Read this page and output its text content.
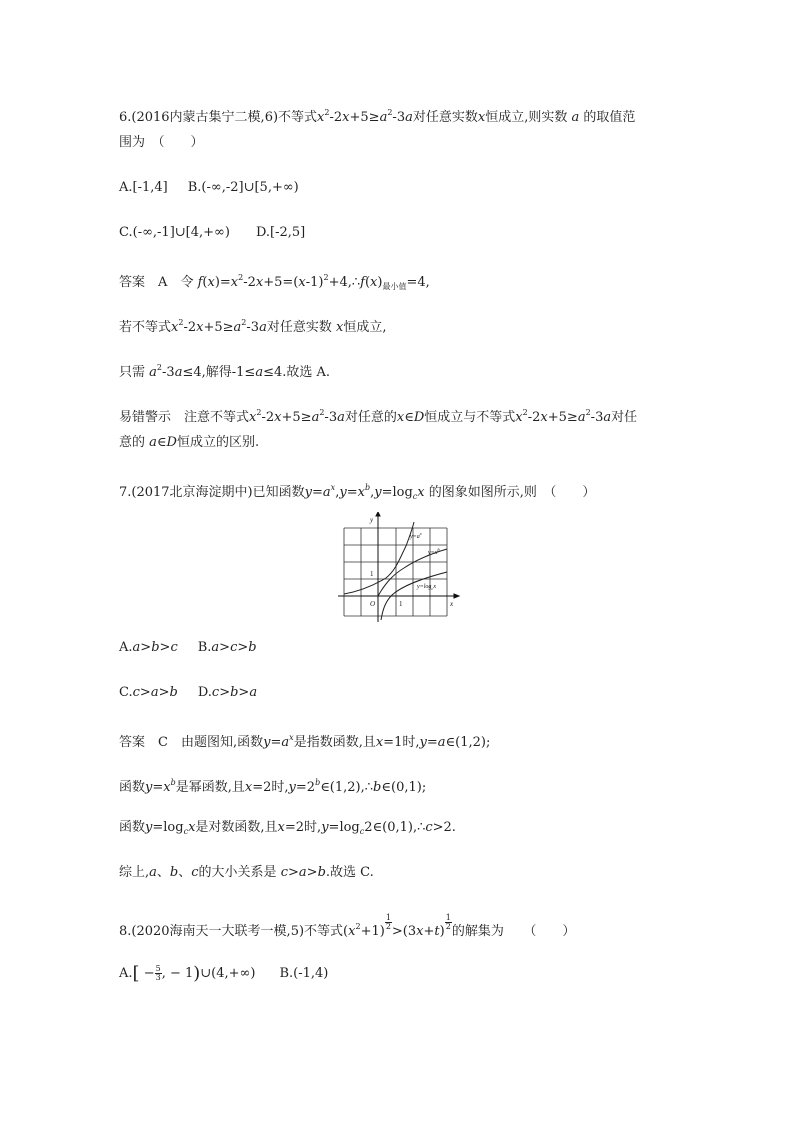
6.(2016内蒙古集宁二模,6)不等式$x^2-2x+5\ge a^2-3a$对任意实数x恒成立,则实数 a 的取值范
围为　（　　）
A.[-1,4] B.(-∞,-2]∪[5,+∞)
C.(-∞,-1]∪[4,+∞) D.[-2,5]
答案　 A　 令 $f(x)=x^2-2x+5=(x-1)^2+4,\therefore f(x)_{最小值}=4$,
若不等式$x^2-2x+5\ge a^2-3a$对任意实数 x恒成立,
只需 $a^2-3a\le 4$,解得-1≤a≤4.故选 A.
易错警示　 注意不等式$x^2-2x+5\ge a^2-3a$对任意的x∈D恒成立与不等式$x^2-2x+5\ge a^2-3a$对任
意的 a∈D恒成立的区别.
7.(2017北京海淀期中)已知函数$y=a^x,y=x^b,y=\log_cx$ 的图象如图所示,则　（　　）
y
x
O	1
1
$y=a^x$
$y=x^b$
$y=\log_cx$
A.a>b>c B.a>c>b
C.c>a>b D.c>b>a
答案　 C　 由题图知,函数$y=a^x$是指数函数,且x=1时,y=a∈(1,2);
函数$y=x^b$是幂函数,且x=2时$,y=2^b\in(1,2),\therefore b\in(0,1)$;
函数$y=\log_cx$是对数函数,且x=2时$,y=\log_c2\in(0,1),\therefore c>2$.
综上,a、b、c的大小关系是 c>a>b.故选 C.
8.(2020海南天一大联考一模,5)不等式$(x^2+1)$
$\frac{1}{2}$
>(3x+t)
$\frac{1}{2}$
的解集为　　（　　）
$A.[ - \frac{5}{3}$ , − 1)∪(4,+∞) B.(-1,4)
